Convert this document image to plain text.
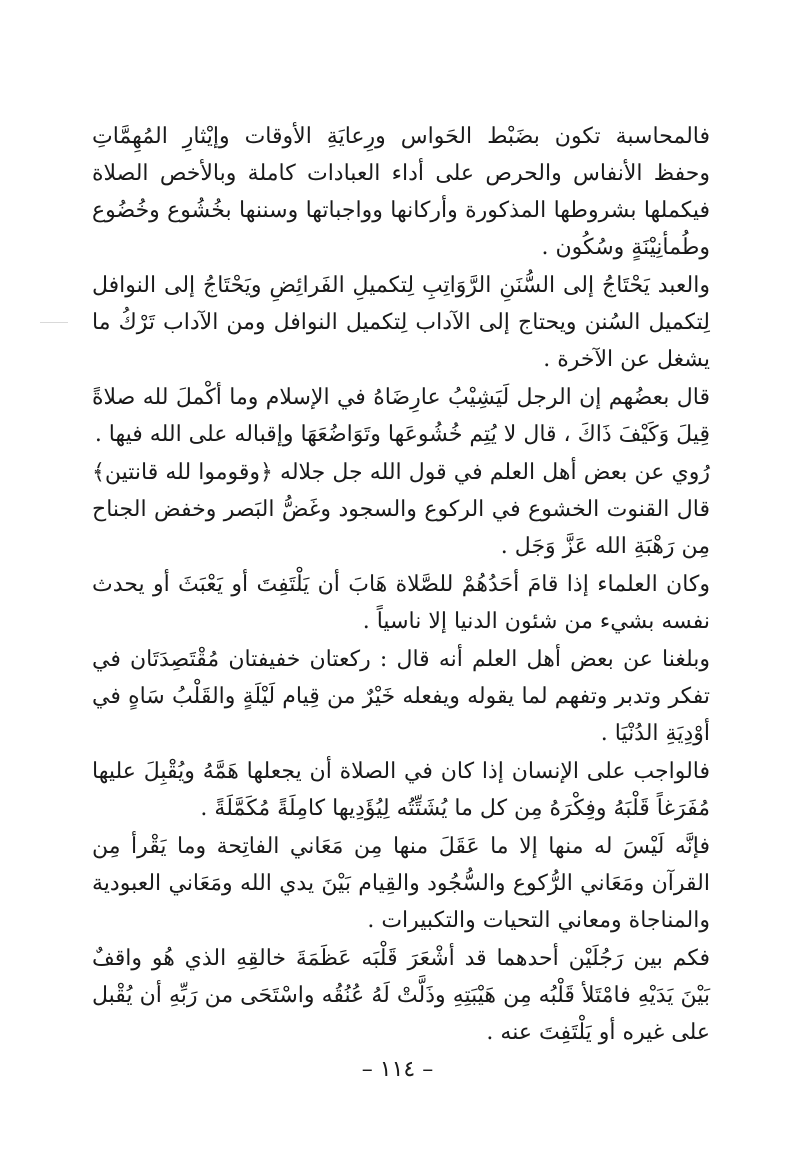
فالمحاسبة تكون بضَبْط الحَواس ورِعايَةِ الأوقات وإيْثارِ المُهِمَّاتِ وحفظ الأنفاس والحرص على أداء العبادات كاملة وبالأخص الصلاة فيكملها بشروطها المذكورة وأركانها وواجباتها وسننها بخُشُوع وخُضُوع وطُمأنِيْنَةٍ وسُكُون .

والعبد يَحْتَاجُ إلى السُّنَنِ الرَّوَاتِبِ لِتكميلِ الفَرائِضِ ويَحْتَاجُ إلى النوافل لِتكميل السُنن ويحتاج إلى الآداب لِتكميل النوافل ومن الآداب تَرْكُ ما يشغل عن الآخرة .

قال بعضُهم إن الرجل لَيَشِيْبُ عارِضَاهُ في الإسلام وما أكْملَ لله صلاةً قِيلَ وَكَيْفَ ذَاكَ ، قال لا يُتِم خُشُوعَها وتَوَاضُعَهَا وإقباله على الله فيها .

رُوي عن بعض أهل العلم في قول الله جل جلاله ﴿وقوموا لله قانتين﴾ قال القنوت الخشوع في الركوع والسجود وغَضُّ البَصر وخفض الجناح مِن رَهْبَةِ الله عَزَّ وَجَل .

وكان العلماء إذا قامَ أحَدُهُمْ للصَّلاة هَابَ أن يَلْتَفِتَ أو يَعْبَثَ أو يحدث نفسه بشيء من شئون الدنيا إلا ناسياً .

وبلغنا عن بعض أهل العلم أنه قال : ركعتان خفيفتان مُقْتَصِدَتَان في تفكر وتدبر وتفهم لما يقوله ويفعله خَيْرٌ من قِيام لَيْلَةٍ والقَلْبُ سَاهٍ في أوْدِيَةِ الدُنْيَا .

فالواجب على الإنسان إذا كان في الصلاة أن يجعلها هَمَّهُ ويُقْبِلَ عليها مُفَرَغاً قَلْبَهُ وفِكْرَهُ مِن كل ما يُشَتِّتُه لِيُؤَدِيها كامِلَةً مُكَمَّلَةً .

فإنَّه لَيْسَ له منها إلا ما عَقَلَ منها مِن مَعَاني الفاتِحة وما يَقْرأ مِن القرآن ومَعَاني الرُّكوع والسُّجُود والقِيام بَيْنَ يدي الله ومَعَاني العبودية والمناجاة ومعاني التحيات والتكبيرات .

فكم بين رَجُلَيْن أحدهما قد أشْعَرَ قَلْبَه عَظَمَةَ خالقِهِ الذي هُو واقفٌ بَيْنَ يَدَيْهِ فامْتَلأ قَلْبُه مِن هَيْبَتِهِ وذَلَّتْ لَهُ عُنُقُه واسْتَحَى من رَبِّهِ أن يُقْبل على غيره أو يَلْتَفِتَ عنه .

– ١١٤ –
